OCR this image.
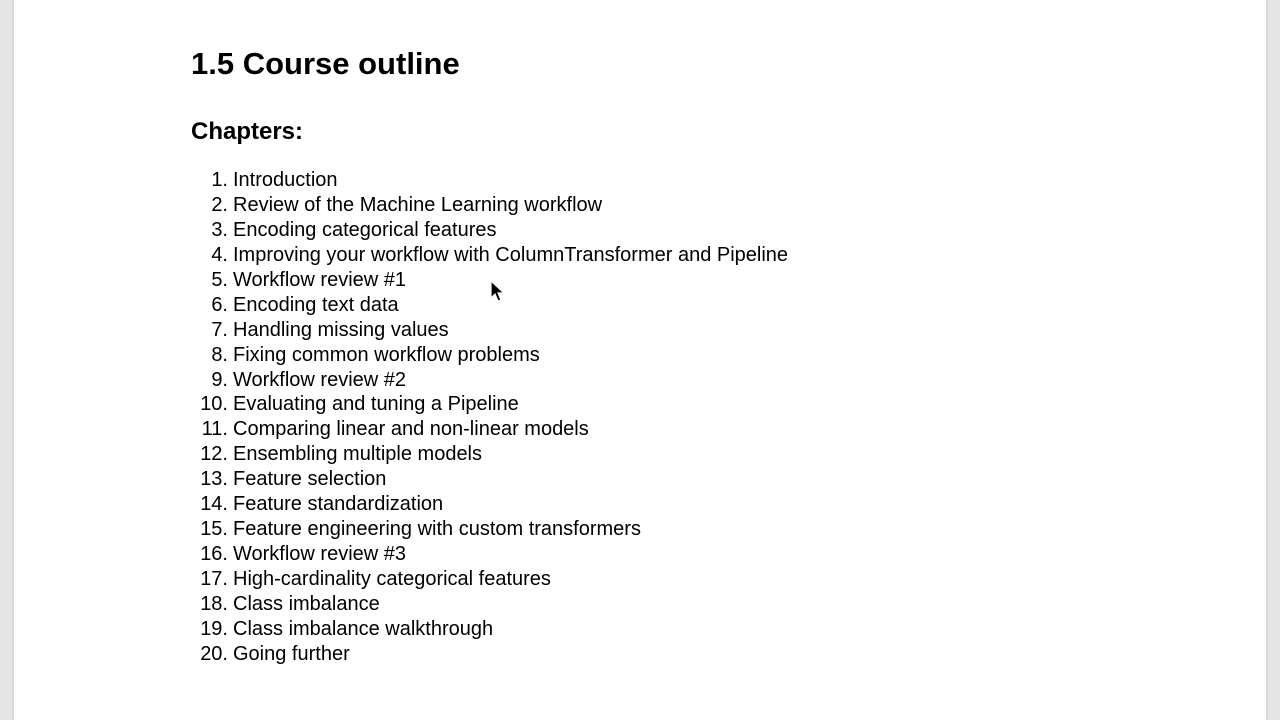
1.5 Course outline
Chapters:
1. Introduction
2. Review of the Machine Learning workflow
3. Encoding categorical features
4. Improving your workflow with ColumnTransformer and Pipeline
5. Workflow review #1
6. Encoding text data
7. Handling missing values
8. Fixing common workflow problems
9. Workflow review #2
10. Evaluating and tuning a Pipeline
11. Comparing linear and non-linear models
12. Ensembling multiple models
13. Feature selection
14. Feature standardization
15. Feature engineering with custom transformers
16. Workflow review #3
17. High-cardinality categorical features
18. Class imbalance
19. Class imbalance walkthrough
20. Going further
